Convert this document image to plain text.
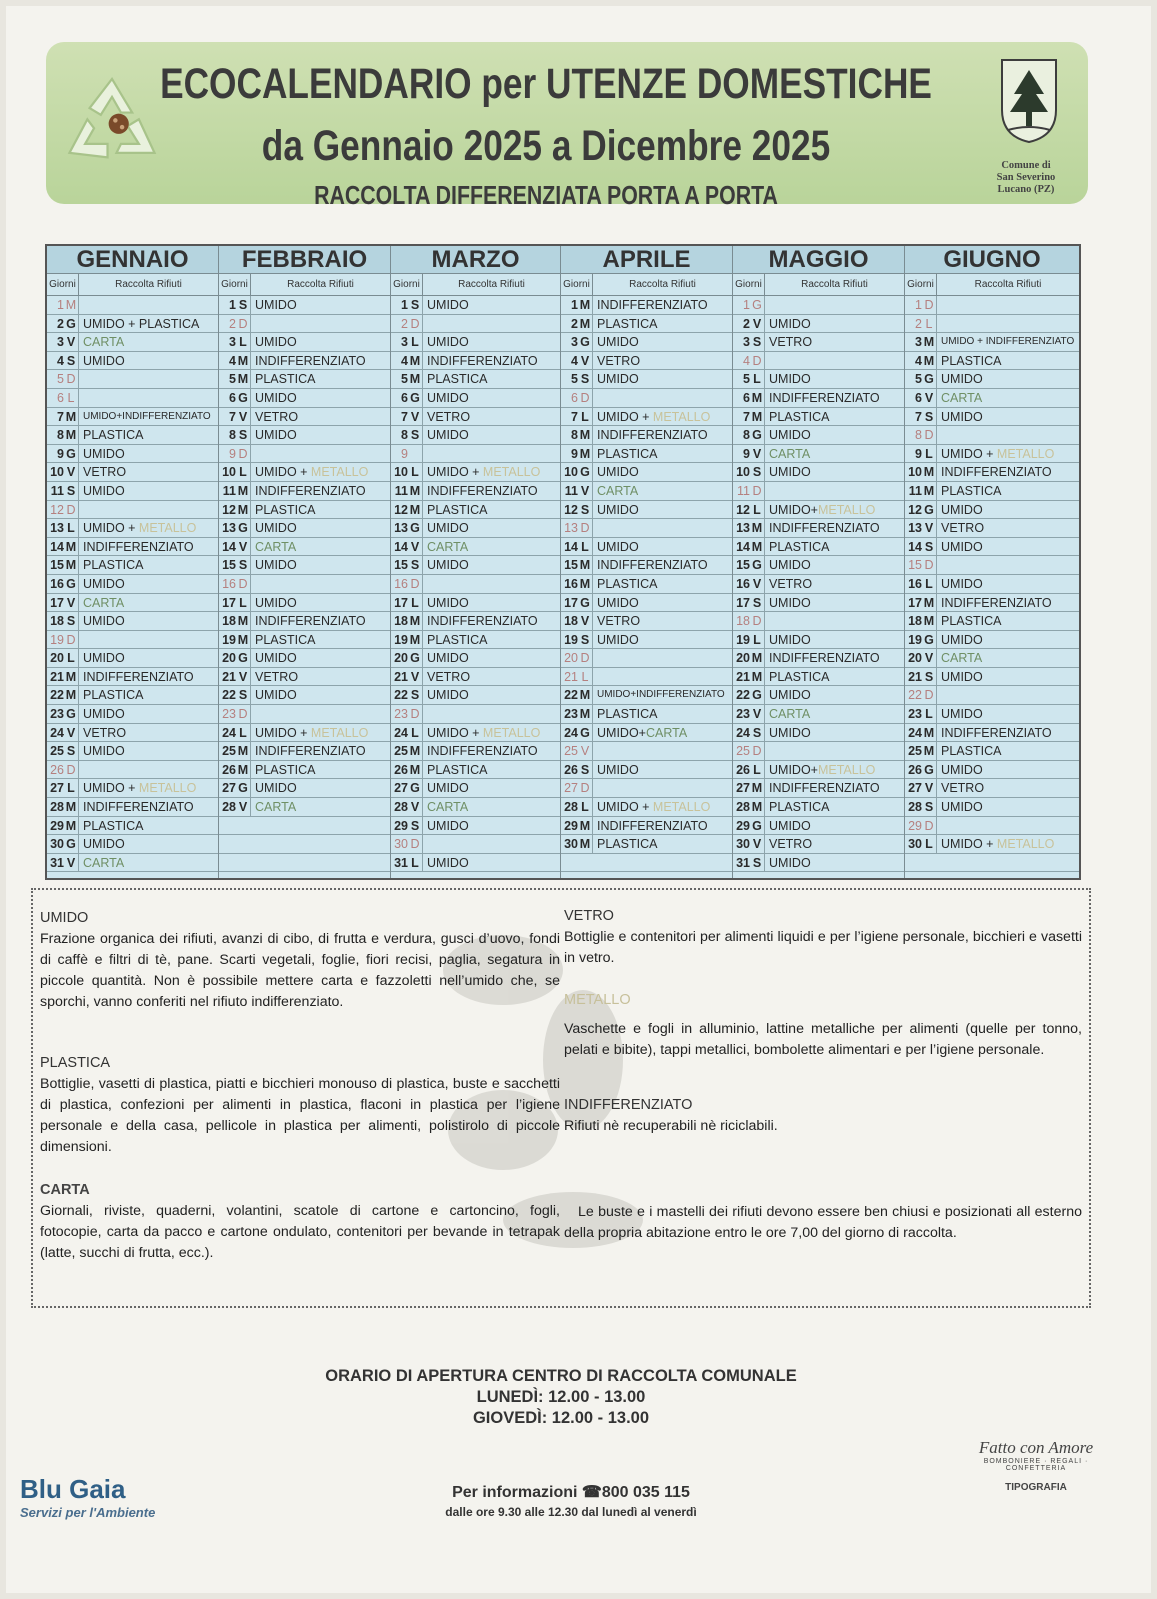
ECOCALENDARIO per UTENZE DOMESTICHE
da Gennaio 2025 a Dicembre 2025
RACCOLTA DIFFERENZIATA PORTA A PORTA
Comune di
San Severino
Lucano (PZ)
GENNAIO
Giorni	Raccolta Rifiuti
1 M
2 G UMIDO + PLASTICA
3 V CARTA
4 S UMIDO
5 D
6 L
7 M UMIDO+INDIFFERENZIATO
8 M PLASTICA
9 G UMIDO
10 V VETRO
11 S UMIDO
12 D
13 L UMIDO + METALLO
14 M INDIFFERENZIATO
15 M PLASTICA
16 G UMIDO
17 V CARTA
18 S UMIDO
19 D
20 L UMIDO
21 M INDIFFERENZIATO
22 M PLASTICA
23 G UMIDO
24 V VETRO
25 S UMIDO
26 D
27 L UMIDO + METALLO
28 M INDIFFERENZIATO
29 M PLASTICA
30 G UMIDO
31 V CARTA
FEBBRAIO
Giorni	Raccolta Rifiuti
1 S UMIDO
2 D
3 L UMIDO
4 M INDIFFERENZIATO
5 M PLASTICA
6 G UMIDO
7 V VETRO
8 S UMIDO
9 D
10 L UMIDO + METALLO
11 M INDIFFERENZIATO
12 M PLASTICA
13 G UMIDO
14 V CARTA
15 S UMIDO
16 D
17 L UMIDO
18 M INDIFFERENZIATO
19 M PLASTICA
20 G UMIDO
21 V VETRO
22 S UMIDO
23 D
24 L UMIDO + METALLO
25 M INDIFFERENZIATO
26 M PLASTICA
27 G UMIDO
28 V CARTA
MARZO
Giorni	Raccolta Rifiuti
1 S UMIDO
2 D
3 L UMIDO
4 M INDIFFERENZIATO
5 M PLASTICA
6 G UMIDO
7 V VETRO
8 S UMIDO
9
10 L UMIDO + METALLO
11 M INDIFFERENZIATO
12 M PLASTICA
13 G UMIDO
14 V CARTA
15 S UMIDO
16 D
17 L UMIDO
18 M INDIFFERENZIATO
19 M PLASTICA
20 G UMIDO
21 V VETRO
22 S UMIDO
23 D
24 L UMIDO + METALLO
25 M INDIFFERENZIATO
26 M PLASTICA
27 G UMIDO
28 V CARTA
29 S UMIDO
30 D
31 L UMIDO
APRILE
Giorni	Raccolta Rifiuti
1 M INDIFFERENZIATO
2 M PLASTICA
3 G UMIDO
4 V VETRO
5 S UMIDO
6 D
7 L UMIDO + METALLO
8 M INDIFFERENZIATO
9 M PLASTICA
10 G UMIDO
11 V CARTA
12 S UMIDO
13 D
14 L UMIDO
15 M INDIFFERENZIATO
16 M PLASTICA
17 G UMIDO
18 V VETRO
19 S UMIDO
20 D
21 L
22 M UMIDO+INDIFFERENZIATO
23 M PLASTICA
24 G UMIDO+CARTA
25 V
26 S UMIDO
27 D
28 L UMIDO + METALLO
29 M INDIFFERENZIATO
30 M PLASTICA
MAGGIO
Giorni	Raccolta Rifiuti
1 G
2 V UMIDO
3 S VETRO
4 D
5 L UMIDO
6 M INDIFFERENZIATO
7 M PLASTICA
8 G UMIDO
9 V CARTA
10 S UMIDO
11 D
12 L UMIDO+METALLO
13 M INDIFFERENZIATO
14 M PLASTICA
15 G UMIDO
16 V VETRO
17 S UMIDO
18 D
19 L UMIDO
20 M INDIFFERENZIATO
21 M PLASTICA
22 G UMIDO
23 V CARTA
24 S UMIDO
25 D
26 L UMIDO+METALLO
27 M INDIFFERENZIATO
28 M PLASTICA
29 G UMIDO
30 V VETRO
31 S UMIDO
GIUGNO
Giorni	Raccolta Rifiuti
1 D
2 L
3 M UMIDO + INDIFFERENZIATO
4 M PLASTICA
5 G UMIDO
6 V CARTA
7 S UMIDO
8 D
9 L UMIDO + METALLO
10 M INDIFFERENZIATO
11 M PLASTICA
12 G UMIDO
13 V VETRO
14 S UMIDO
15 D
16 L UMIDO
17 M INDIFFERENZIATO
18 M PLASTICA
19 G UMIDO
20 V CARTA
21 S UMIDO
22 D
23 L UMIDO
24 M INDIFFERENZIATO
25 M PLASTICA
26 G UMIDO
27 V VETRO
28 S UMIDO
29 D
30 L UMIDO + METALLO
UMIDO
Frazione organica dei rifiuti, avanzi di cibo, di frutta e verdura, gusci d’uovo, fondi di caffè e filtri di tè, pane. Scarti vegetali, foglie, fiori recisi, paglia, segatura in piccole quantità. Non è possibile mettere carta e fazzoletti nell’umido che, se sporchi, vanno conferiti nel rifiuto indifferenziato.
PLASTICA
Bottiglie, vasetti di plastica, piatti e bicchieri monouso di plastica, buste e sacchetti di plastica, confezioni per alimenti in plastica, flaconi in plastica per l’igiene personale e della casa, pellicole in plastica per alimenti, polistirolo di piccole dimensioni.
CARTA
Giornali, riviste, quaderni, volantini, scatole di cartone e cartoncino, fogli, fotocopie, carta da pacco e cartone ondulato, contenitori per bevande in tetrapak (latte, succhi di frutta, ecc.).
VETRO
Bottiglie e contenitori per alimenti liquidi e per l’igiene personale, bicchieri e vasetti in vetro.
METALLO
Vaschette e fogli in alluminio, lattine metalliche per alimenti (quelle per tonno, pelati e bibite), tappi metallici, bombolette alimentari e per l’igiene personale.
INDIFFERENZIATO
Rifiuti nè recuperabili nè riciclabili.
Le buste e i mastelli dei rifiuti devono essere ben chiusi e posizionati all esterno della propria abitazione entro le ore 7,00 del giorno di raccolta.
ORARIO DI APERTURA CENTRO DI RACCOLTA COMUNALE
LUNEDÌ: 12.00 - 13.00
GIOVEDÌ: 12.00 - 13.00
Blu Gaia
Servizi per l'Ambiente
Per informazioni ☎800 035 115
dalle ore 9.30 alle 12.30 dal lunedì al venerdì
Fatto con Amore
BOMBONIERE · REGALI · CONFETTERIA
TIPOGRAFIA
